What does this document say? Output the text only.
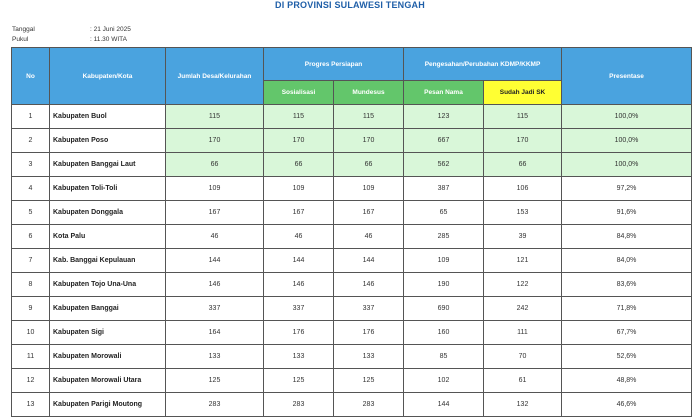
DI PROVINSI SULAWESI TENGAH
Tanggal	: 21 Juni 2025
Pukul	: 11.30 WITA
No	Kabupaten/Kota	Jumlah Desa/Kelurahan	Progres Persiapan		Pengesahan/Perubahan KDMP/KKMP		Presentase
			Sosialisasi	Mundesus	Pesan Nama	Sudah Jadi SK	
1	Kabupaten Buol	115	115	115	123	115	100,0%
2	Kabupaten Poso	170	170	170	667	170	100,0%
3	Kabupaten Banggai Laut	66	66	66	562	66	100,0%
4	Kabupaten Toli-Toli	109	109	109	387	106	97,2%
5	Kabupaten Donggala	167	167	167	65	153	91,6%
6	Kota Palu	46	46	46	285	39	84,8%
7	Kab. Banggai Kepulauan	144	144	144	109	121	84,0%
8	Kabupaten Tojo Una-Una	146	146	146	190	122	83,6%
9	Kabupaten Banggai	337	337	337	690	242	71,8%
10	Kabupaten Sigi	164	176	176	160	111	67,7%
11	Kabupaten Morowali	133	133	133	85	70	52,6%
12	Kabupaten Morowali Utara	125	125	125	102	61	48,8%
13	Kabupaten Parigi Moutong	283	283	283	144	132	46,6%
